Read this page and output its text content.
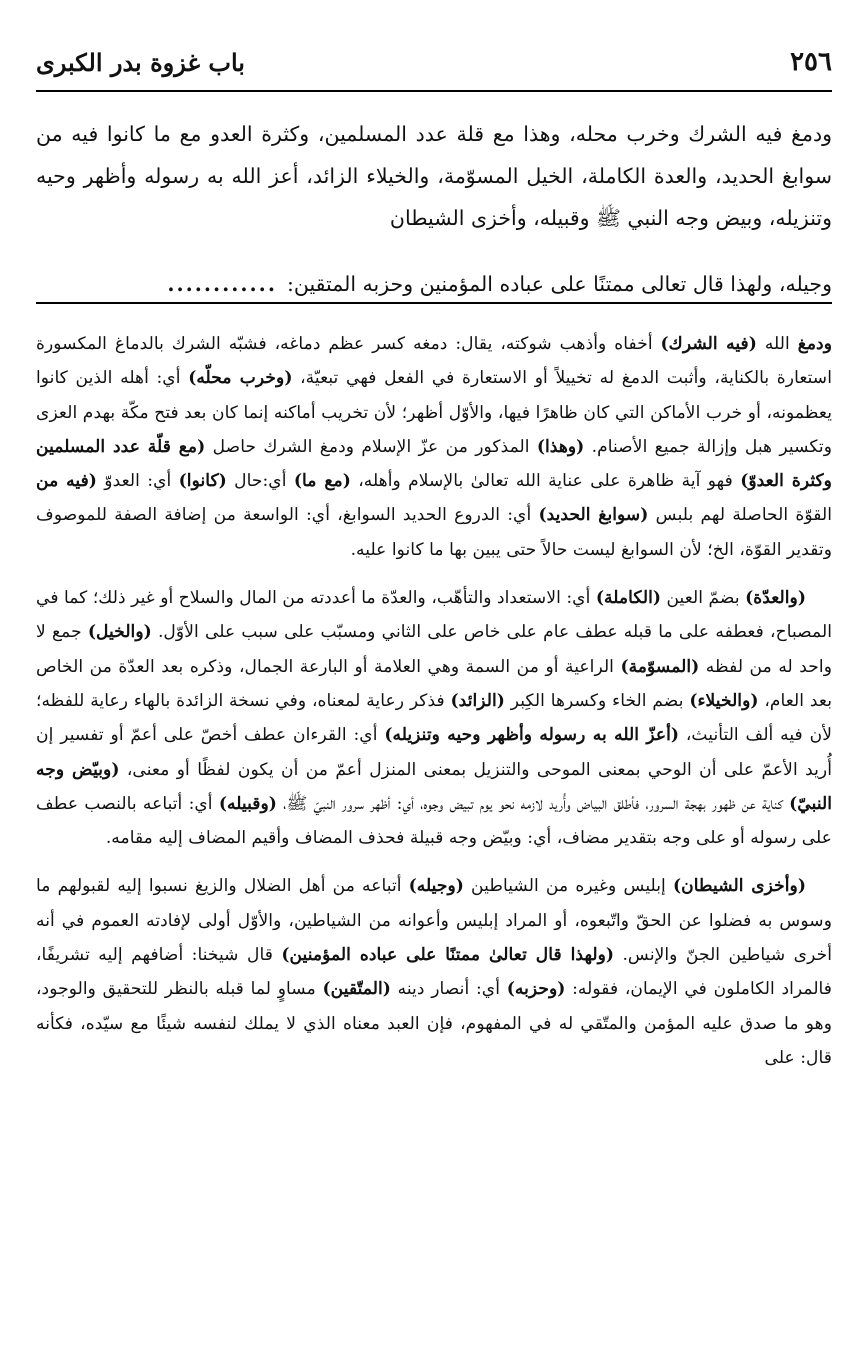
٢٥٦
باب غزوة بدر الكبرى
ودمغ فيه الشرك وخرب محله، وهذا مع قلة عدد المسلمين، وكثرة العدو مع ما كانوا فيه من سوابغ الحديد، والعدة الكاملة، الخيل المسوّمة، والخيلاء الزائد، أعز الله به رسوله وأظهر وحيه وتنزيله، وبيض وجه النبي ﷺ وقبيله، وأخزى الشيطان
وجيله، ولهذا قال تعالى ممتنًا على عباده المؤمنين وحزبه المتقين:
............

ودمغ الله (فيه الشرك) أخفاه وأذهب شوكته، يقال: دمغه كسر عظم دماغه، فشبّه الشرك بالدماغ المكسورة استعارة بالكناية، وأثبت الدمغ له تخييلاً أو الاستعارة في الفعل فهي تبعيّة، (وخرب محلّه) أي: أهله الذين كانوا يعظمونه، أو خرب الأماكن التي كان ظاهرًا فيها، والأوّل أظهر؛ لأن تخريب أماكنه إنما كان بعد فتح مكّة بهدم العزى وتكسير هبل وإزالة جميع الأصنام. (وهذا) المذكور من عزّ الإسلام ودمغ الشرك حاصل (مع قلّة عدد المسلمين وكثرة العدوّ) فهو آية ظاهرة على عناية الله تعالىٰ بالإسلام وأهله، (مع ما) أي:حال (كانوا) أي: العدوّ (فيه من القوّة الحاصلة لهم بلبس (سوابغ الحديد) أي: الدروع الحديد السوابغ، أي: الواسعة من إضافة الصفة للموصوف وتقدير القوّة، الخ؛ لأن السوابغ ليست حالاً حتى يبين بها ما كانوا عليه.

(والعدّة) بضمّ العين (الكاملة) أي: الاستعداد والتأهّب، والعدّة ما أعددته من المال والسلاح أو غير ذلك؛ كما في المصباح، فعطفه على ما قبله عطف عام على خاص على الثاني ومسبّب على سبب على الأوّل. (والخيل) جمع لا واحد له من لفظه (المسوّمة) الراعية أو من السمة وهي العلامة أو البارعة الجمال، وذكره بعد العدّة من الخاص بعد العام، (والخيلاء) بضم الخاء وكسرها الكِبر (الزائد) فذكر رعاية لمعناه، وفي نسخة الزائدة بالهاء رعاية للفظه؛ لأن فيه ألف التأنيث، (أعزّ الله به رسوله وأظهر وحيه وتنزيله) أي: القرءان عطف أخصّ على أعمّ أو تفسير إن أُريد الأعمّ على أن الوحي بمعنى الموحى والتنزيل بمعنى المنزل أعمّ من أن يكون لفظًا أو معنى، (وبيّض وجه النبيّ) كناية عن ظهور بهجة السرور، فأطلق البياض وأُريد لازمه نحو يوم تبيض وجوه، أي: أظهر سرور النبيّ ﷺ، (وقبيله) أي: أتباعه بالنصب عطف على رسوله أو على وجه بتقدير مضاف، أي: وبيّض وجه قبيلة فحذف المضاف وأقيم المضاف إليه مقامه.

(وأخزى الشيطان) إبليس وغيره من الشياطين (وجيله) أتباعه من أهل الضلال والزيغ نسبوا إليه لقبولهم ما وسوس به فضلوا عن الحقّ واتّبعوه، أو المراد إبليس وأعوانه من الشياطين، والأوّل أولى لإفادته العموم في أنه أخرى شياطين الجنّ والإنس. (ولهذا قال تعالىٰ ممتنًا على عباده المؤمنين) قال شيخنا: أضافهم إليه تشريفًا، فالمراد الكاملون في الإيمان، فقوله: (وحزبه) أي: أنصار دينه (المتّقين) مساوٍ لما قبله بالنظر للتحقيق والوجود، وهو ما صدق عليه المؤمن والمتّقي له في المفهوم، فإن العبد معناه الذي لا يملك لنفسه شيئًا مع سيّده، فكأنه قال: على
